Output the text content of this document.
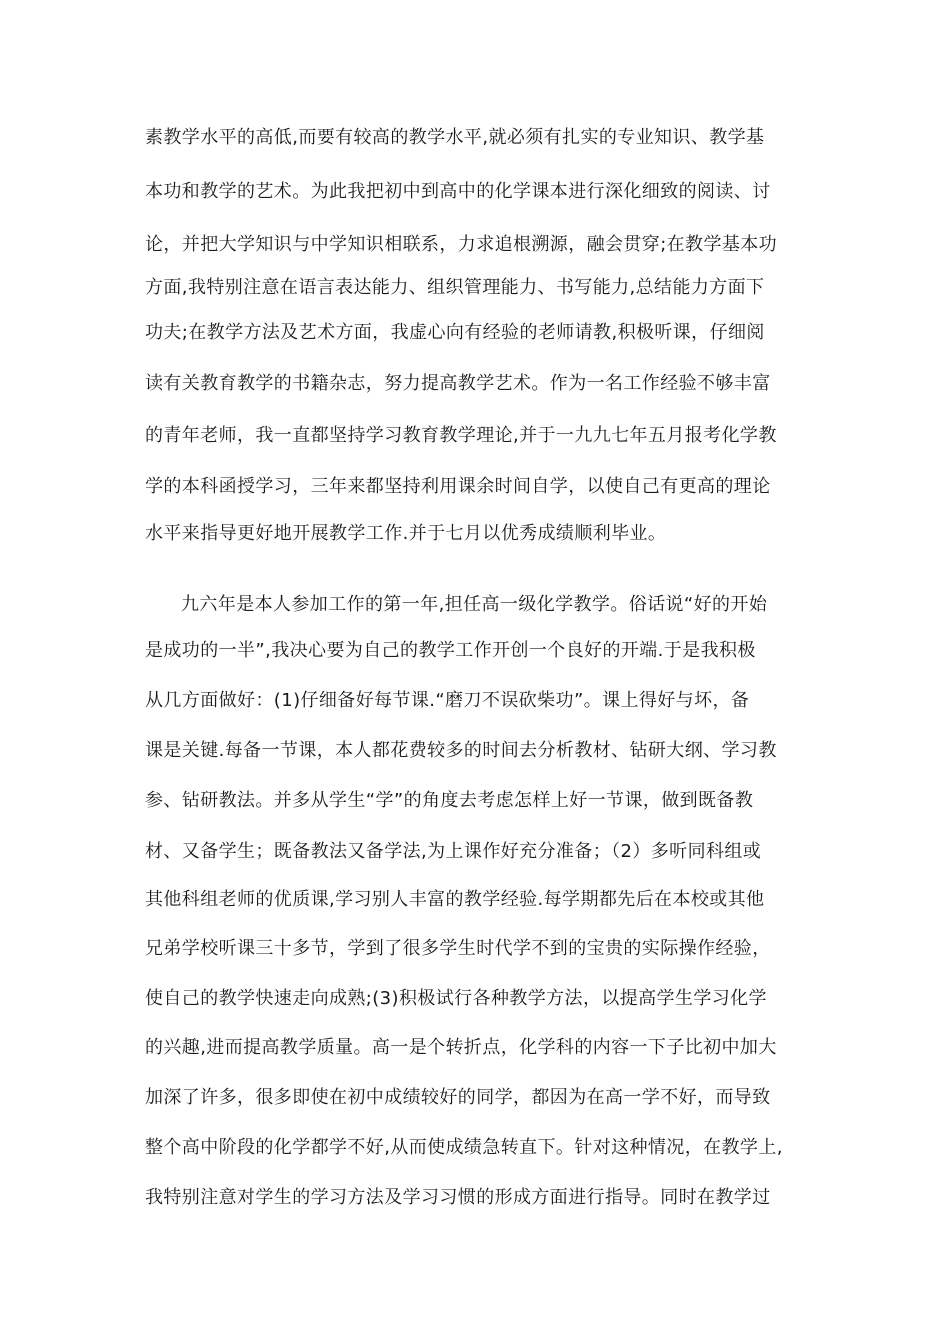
素教学水平的高低,而要有较高的教学水平,就必须有扎实的专业知识、教学基
本功和教学的艺术。为此我把初中到高中的化学课本进行深化细致的阅读、讨
论，并把大学知识与中学知识相联系，力求追根溯源，融会贯穿;在教学基本功
方面,我特别注意在语言表达能力、组织管理能力、书写能力,总结能力方面下
功夫;在教学方法及艺术方面，我虚心向有经验的老师请教,积极听课，仔细阅
读有关教育教学的书籍杂志，努力提高教学艺术。作为一名工作经验不够丰富
的青年老师，我一直都坚持学习教育教学理论,并于一九九七年五月报考化学教
学的本科函授学习，三年来都坚持利用课余时间自学，以使自己有更高的理论
水平来指导更好地开展教学工作.并于七月以优秀成绩顺利毕业。
九六年是本人参加工作的第一年,担任高一级化学教学。俗话说“好的开始
是成功的一半”,我决心要为自己的教学工作开创一个良好的开端.于是我积极
从几方面做好：(1)仔细备好每节课.“磨刀不误砍柴功”。课上得好与坏，备
课是关键.每备一节课，本人都花费较多的时间去分析教材、钻研大纲、学习教
参、钻研教法。并多从学生“学”的角度去考虑怎样上好一节课，做到既备教
材、又备学生；既备教法又备学法,为上课作好充分准备；（2）多听同科组或
其他科组老师的优质课,学习别人丰富的教学经验.每学期都先后在本校或其他
兄弟学校听课三十多节，学到了很多学生时代学不到的宝贵的实际操作经验，
使自己的教学快速走向成熟;(3)积极试行各种教学方法，以提高学生学习化学
的兴趣,进而提高教学质量。高一是个转折点，化学科的内容一下子比初中加大
加深了许多，很多即使在初中成绩较好的同学，都因为在高一学不好，而导致
整个高中阶段的化学都学不好,从而使成绩急转直下。针对这种情况，在教学上,
我特别注意对学生的学习方法及学习习惯的形成方面进行指导。同时在教学过
